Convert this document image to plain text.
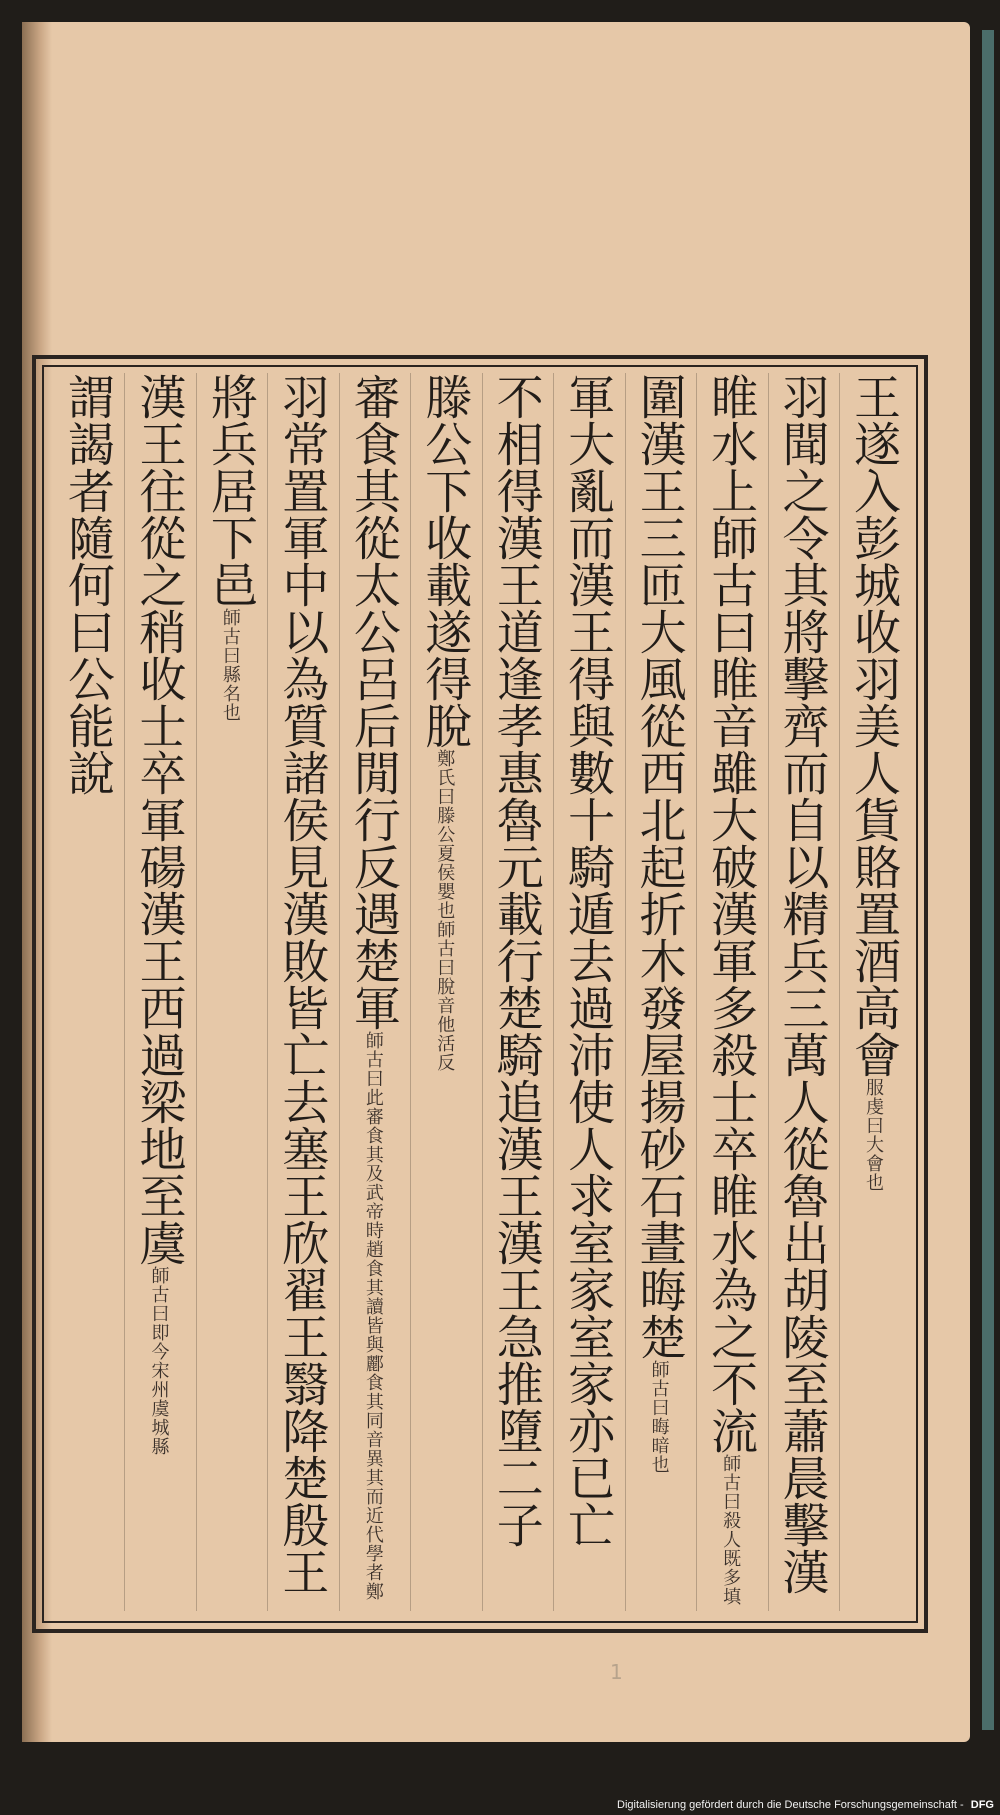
王遂入彭城收羽美人貨賂置酒高會服虔曰大會也
羽聞之令其將擊齊而自以精兵三萬人從魯出胡陵至蕭晨擊漢
睢水上師古曰睢音雖大破漢軍多殺士卒睢水為之不流師古曰殺人既多填
圍漢王三匝大風從西北起折木發屋揚砂石晝晦楚師古曰晦暗也
軍大亂而漢王得與數十騎遁去過沛使人求室家室家亦已亡
不相得漢王道逢孝惠魯元載行楚騎追漢王漢王急推墮二子
滕公下收載遂得脫鄭氏曰滕公夏侯嬰也師古曰脫音他活反
審食其從太公呂后閒行反遇楚軍師古曰此審食其及武帝時趙食其讀皆與酈食其同音異其而近代學者鄭
羽常置軍中以為質諸侯見漢敗皆亡去塞王欣翟王翳降楚殷王
將兵居下邑師古曰縣名也
漢王往從之稍收士卒軍碭漢王西過梁地至虞師古曰即今宋州虞城縣
謂謁者隨何曰公能說
1
Digitalisierung gefördert durch die Deutsche Forschungsgemeinschaft - DFG
